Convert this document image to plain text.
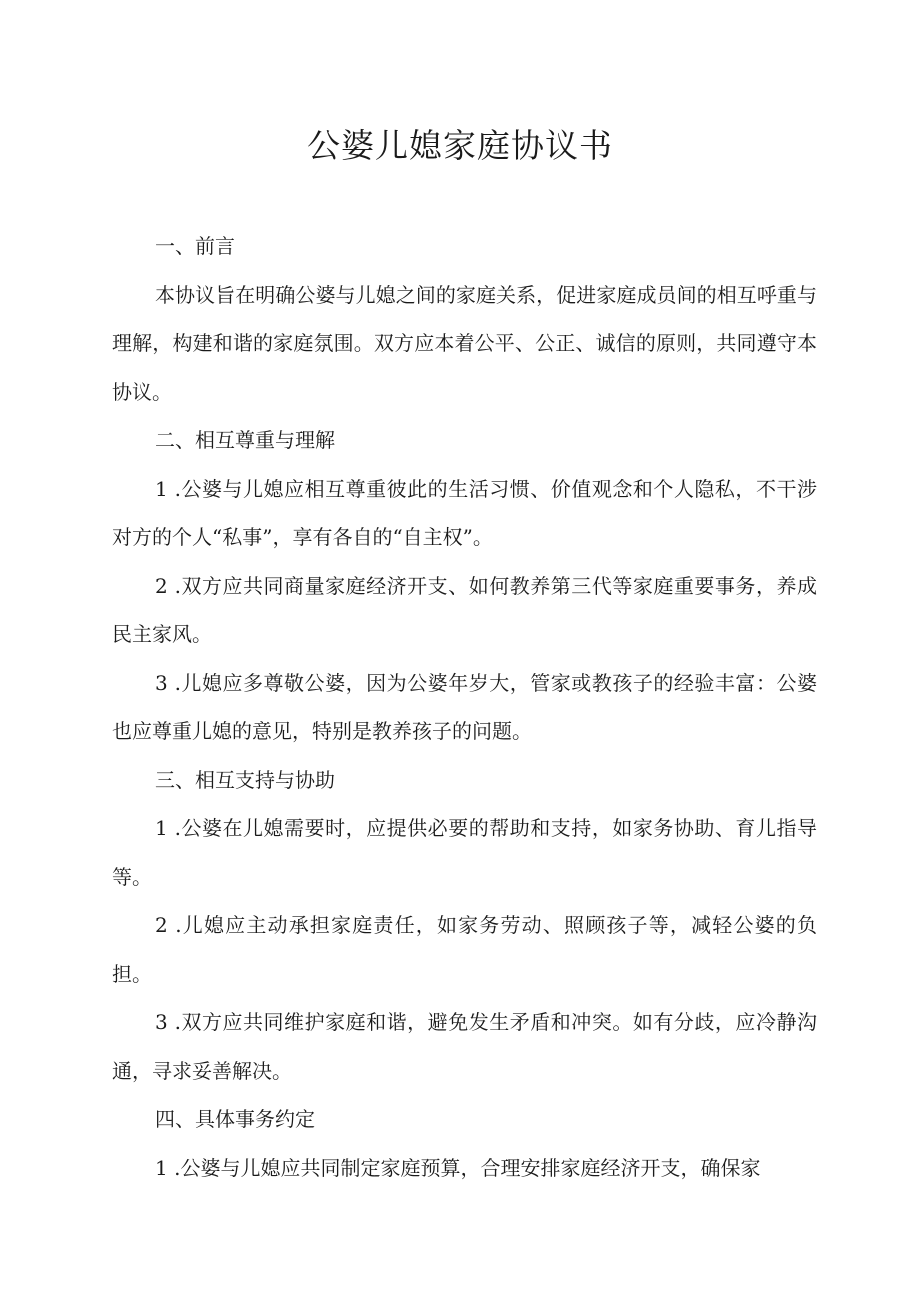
公婆儿媳家庭协议书

一、前言

本协议旨在明确公婆与儿媳之间的家庭关系，促进家庭成员间的相互呼重与理解，构建和谐的家庭氛围。双方应本着公平、公正、诚信的原则，共同遵守本协议。

二、相互尊重与理解

1 .公婆与儿媳应相互尊重彼此的生活习惯、价值观念和个人隐私，不干涉对方的个人“私事”，享有各自的“自主权”。

2 .双方应共同商量家庭经济开支、如何教养第三代等家庭重要事务，养成民主家风。

3 .儿媳应多尊敬公婆，因为公婆年岁大，管家或教孩子的经验丰富：公婆也应尊重儿媳的意见，特别是教养孩子的问题。

三、相互支持与协助

1 .公婆在儿媳需要时，应提供必要的帮助和支持，如家务协助、育儿指导等。

2 .儿媳应主动承担家庭责任，如家务劳动、照顾孩子等，减轻公婆的负担。

3 .双方应共同维护家庭和谐，避免发生矛盾和冲突。如有分歧，应冷静沟通，寻求妥善解决。

四、具体事务约定

1 .公婆与儿媳应共同制定家庭预算，合理安排家庭经济开支，确保家
